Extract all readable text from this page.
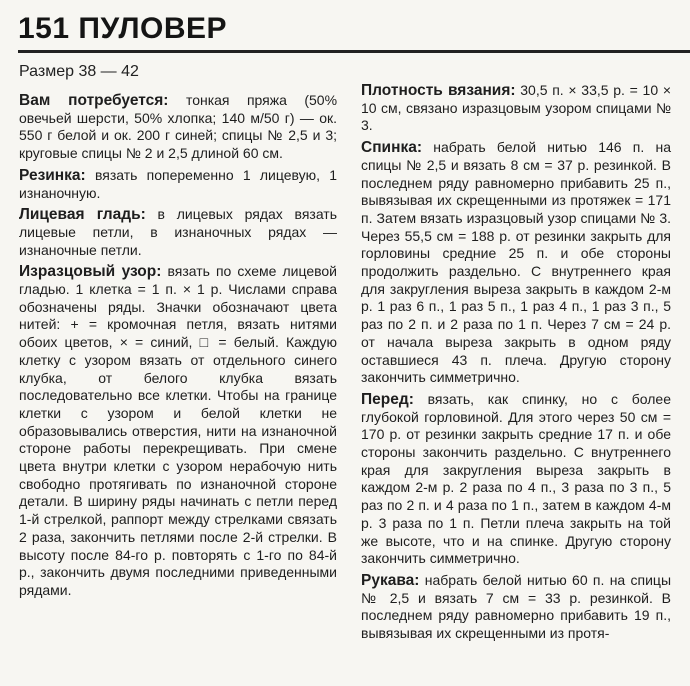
151 ПУЛОВЕР
Размер 38 — 42

Вам потребуется: тонкая пряжа (50% овечьей шерсти, 50% хлопка; 140 м/50 г) — ок. 550 г белой и ок. 200 г синей; спицы № 2,5 и 3; круговые спицы № 2 и 2,5 длиной 60 см.

Резинка: вязать попеременно 1 лицевую, 1 изнаночную.

Лицевая гладь: в лицевых рядах вязать лицевые петли, в изнаночных рядах — изнаночные петли.

Изразцовый узор: вязать по схеме лицевой гладью. 1 клетка = 1 п. × 1 р. Числами справа обозначены ряды. Значки обозначают цвета нитей: + = кромочная петля, вязать нитями обоих цветов, × = синий, □ = белый. Каждую клетку с узором вязать от отдельного синего клубка, от белого клубка вязать последовательно все клетки. Чтобы на границе клетки с узором и белой клетки не образовывались отверстия, нити на изнаночной стороне работы перекрещивать. При смене цвета внутри клетки с узором нерабочую нить свободно протягивать по изнаночной стороне детали. В ширину ряды начинать с петли перед 1-й стрелкой, раппорт между стрелками связать 2 раза, закончить петлями после 2-й стрелки. В высоту после 84-го р. повторять с 1-го по 84-й р., закончить двумя последними приведенными рядами.

Плотность вязания: 30,5 п. × 33,5 р. = 10 × 10 см, связано изразцовым узором спицами № 3.

Спинка: набрать белой нитью 146 п. на спицы № 2,5 и вязать 8 см = 37 р. резинкой. В последнем ряду равномерно прибавить 25 п., вывязывая их скрещенными из протяжек = 171 п. Затем вязать изразцовый узор спицами № 3. Через 55,5 см = 188 р. от резинки закрыть для горловины средние 25 п. и обе стороны продолжить раздельно. С внутреннего края для закругления выреза закрыть в каждом 2-м р. 1 раз 6 п., 1 раз 5 п., 1 раз 4 п., 1 раз 3 п., 5 раз по 2 п. и 2 раза по 1 п. Через 7 см = 24 р. от начала выреза закрыть в одном ряду оставшиеся 43 п. плеча. Другую сторону закончить симметрично.

Перед: вязать, как спинку, но с более глубокой горловиной. Для этого через 50 см = 170 р. от резинки закрыть средние 17 п. и обе стороны закончить раздельно. С внутреннего края для закругления выреза закрыть в каждом 2-м р. 2 раза по 4 п., 3 раза по 3 п., 5 раз по 2 п. и 4 раза по 1 п., затем в каждом 4-м р. 3 раза по 1 п. Петли плеча закрыть на той же высоте, что и на спинке. Другую сторону закончить симметрично.

Рукава: набрать белой нитью 60 п. на спицы № 2,5 и вязать 7 см = 33 р. резинкой. В последнем ряду равномерно прибавить 19 п., вывязывая их скрещенными из протя-
